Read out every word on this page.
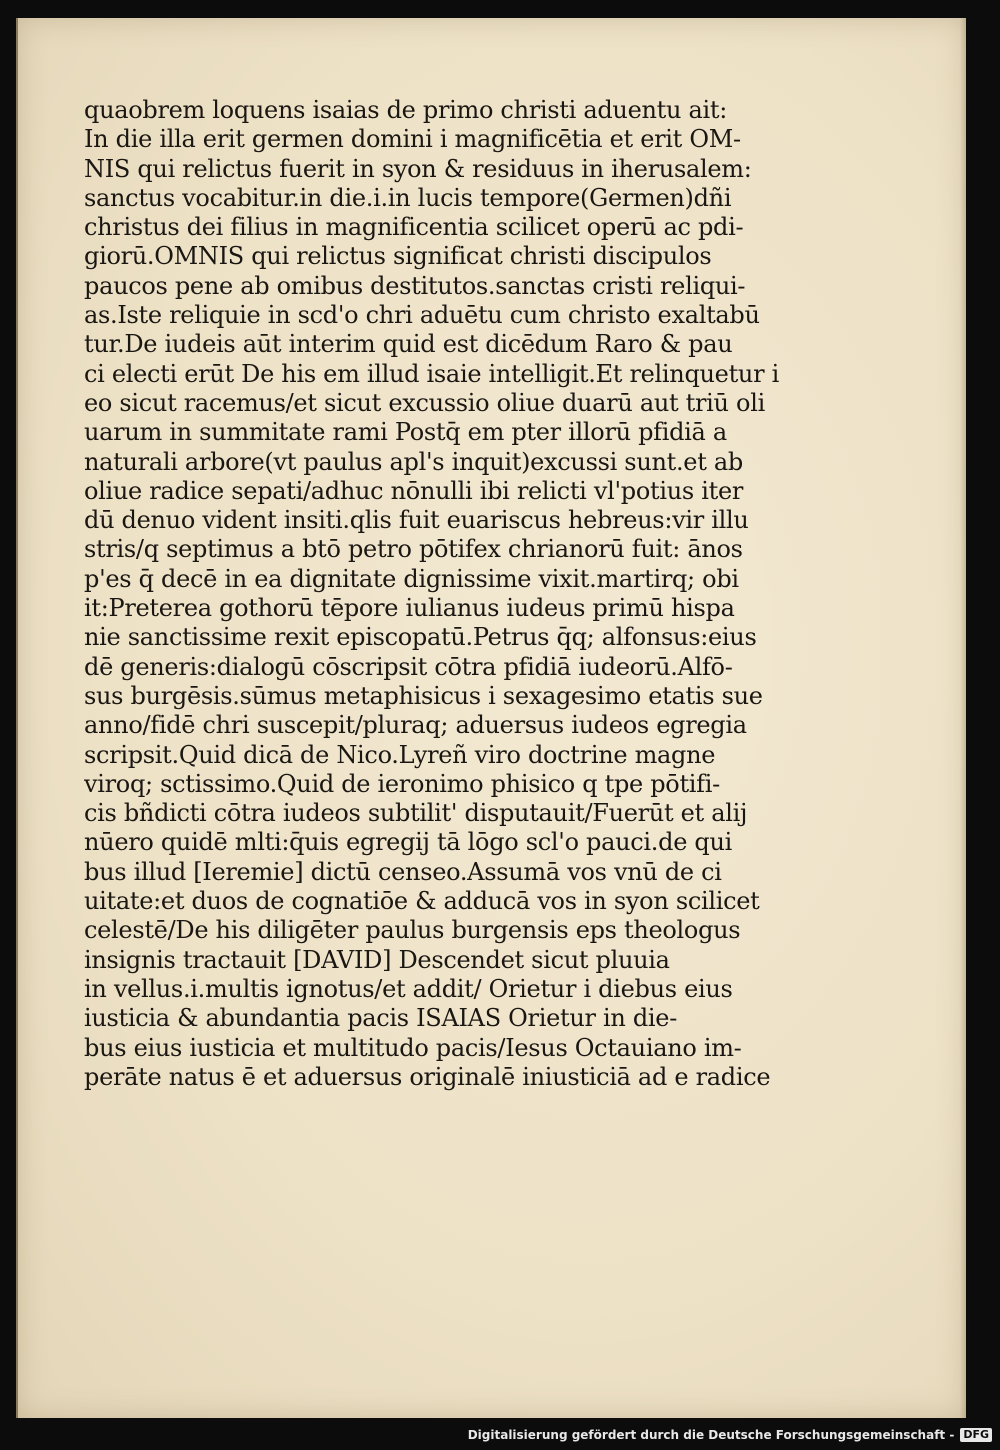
quaobrem loquens isaias de primo christi aduentu ait:
In die illa erit germen domini i magnificētia et erit OM-
NIS qui relictus fuerit in syon & residuus in iherusalem:
sanctus vocabitur.in die.i.in lucis tempore(Germen)dñi
christus dei filius in magnificentia scilicet operū ac pdi-
giorū.OMNIS qui relictus significat christi discipulos
paucos pene ab omibus destitutos.sanctas cristi reliqui-
as.Iste reliquie in scd'o chri aduētu cum christo exaltabū
tur.De iudeis aūt interim quid est dicēdum Raro & pau
ci electi erūt De his em illud isaie intelligit.Et relinquetur i
eo sicut racemus/et sicut excussio oliue duarū aut triū oli
uarum in summitate rami Postq̄ em pter illorū pfidiā a
naturali arbore(vt paulus apl's inquit)excussi sunt.et ab
oliue radice sepati/adhuc nōnulli ibi relicti vl'potius iter
dū denuo vident insiti.qlis fuit euariscus hebreus:vir illu
stris/q septimus a btō petro pōtifex chrianorū fuit: ānos
p'es q̄ decē in ea dignitate dignissime vixit.martirq; obi
it:Preterea gothorū tēpore iulianus iudeus primū hispa
nie sanctissime rexit episcopatū.Petrus q̄q; alfonsus:eius
dē generis:dialogū cōscripsit cōtra pfidiā iudeorū.Alfō-
sus burgēsis.sūmus metaphisicus i sexagesimo etatis sue
anno/fidē chri suscepit/pluraq; aduersus iudeos egregia
scripsit.Quid dicā de Nico.Lyreñ viro doctrine magne
viroq; sctissimo.Quid de ieronimo phisico q tpe pōtifi-
cis bñdicti cōtra iudeos subtilit' disputauit/Fuerūt et alij
nūero quidē mlti:q̄uis egregij tā lōgo scl'o pauci.de qui
bus illud [Ieremie] dictū censeo.Assumā vos vnū de ci
uitate:et duos de cognatiōe & adducā vos in syon scilicet
celestē/De his diligēter paulus burgensis eps theologus
insignis tractauit [DAVID] Descendet sicut pluuia
in vellus.i.multis ignotus/et addit/ Orietur i diebus eius
iusticia & abundantia pacis ISAIAS Orietur in die-
bus eius iusticia et multitudo pacis/Iesus Octauiano im-
perāte natus ē et aduersus originalē iniusticiā ad e radice
Digitalisierung gefördert durch die Deutsche Forschungsgemeinschaft - DFG
